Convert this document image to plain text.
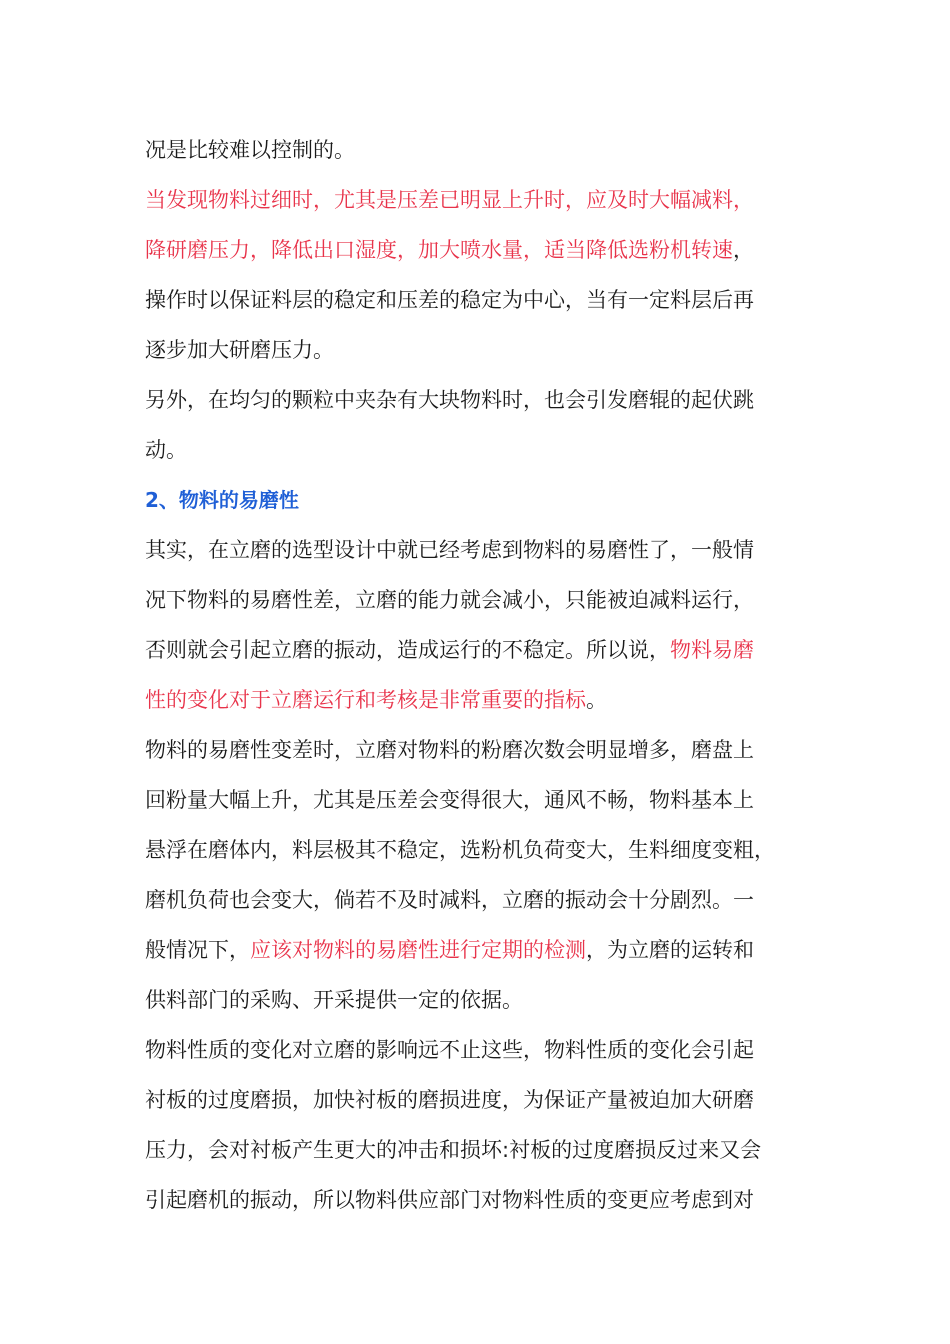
况是比较难以控制的。
当发现物料过细时，尤其是压差已明显上升时，应及时大幅减料，
降研磨压力，降低出口湿度，加大喷水量，适当降低选粉机转速，
操作时以保证料层的稳定和压差的稳定为中心，当有一定料层后再
逐步加大研磨压力。
另外，在均匀的颗粒中夹杂有大块物料时，也会引发磨辊的起伏跳
动。
2、物料的易磨性
其实，在立磨的选型设计中就已经考虑到物料的易磨性了，一般情
况下物料的易磨性差，立磨的能力就会减小，只能被迫减料运行，
否则就会引起立磨的振动，造成运行的不稳定。所以说，物料易磨
性的变化对于立磨运行和考核是非常重要的指标。
物料的易磨性变差时，立磨对物料的粉磨次数会明显增多，磨盘上
回粉量大幅上升，尤其是压差会变得很大，通风不畅，物料基本上
悬浮在磨体内，料层极其不稳定，选粉机负荷变大，生料细度变粗，
磨机负荷也会变大，倘若不及时减料，立磨的振动会十分剧烈。一
般情况下，应该对物料的易磨性进行定期的检测，为立磨的运转和
供料部门的采购、开采提供一定的依据。
物料性质的变化对立磨的影响远不止这些，物料性质的变化会引起
衬板的过度磨损，加快衬板的磨损进度，为保证产量被迫加大研磨
压力，会对衬板产生更大的冲击和损坏:衬板的过度磨损反过来又会
引起磨机的振动，所以物料供应部门对物料性质的变更应考虑到对
